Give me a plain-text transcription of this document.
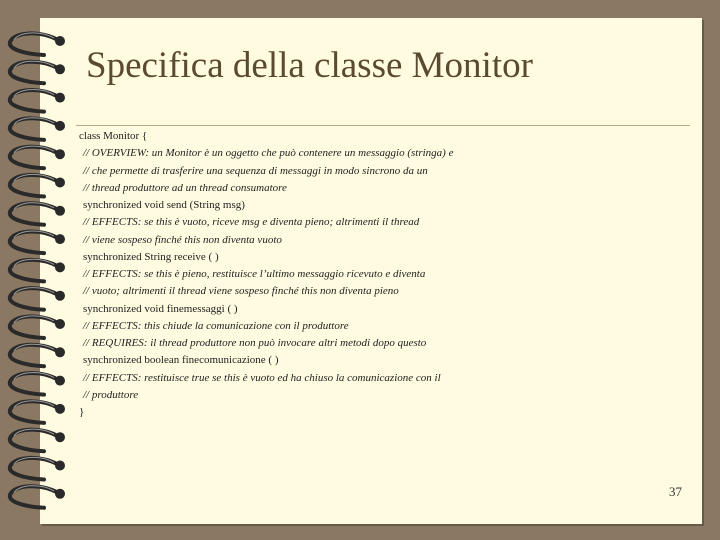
Specifica della classe Monitor
class Monitor {
// OVERVIEW: un Monitor è un oggetto che può contenere un messaggio (stringa) e
// che permette di trasferire una sequenza di messaggi in modo sincrono da un
// thread produttore ad un thread consumatore
synchronized void send (String msg)
// EFFECTS: se this è vuoto, riceve msg e diventa pieno; altrimenti il thread
// viene sospeso finché this non diventa vuoto
synchronized String receive ( )
// EFFECTS: se this è pieno, restituisce l’ultimo messaggio ricevuto e diventa
// vuoto; altrimenti il thread viene sospeso finché this non diventa pieno
synchronized void finemessaggi ( )
// EFFECTS: this chiude la comunicazione con il produttore
// REQUIRES: il thread produttore non può invocare altri metodi dopo questo
synchronized boolean finecomunicazione ( )
// EFFECTS: restituisce true se this è vuoto ed ha chiuso la comunicazione con il
// produttore
}
37
